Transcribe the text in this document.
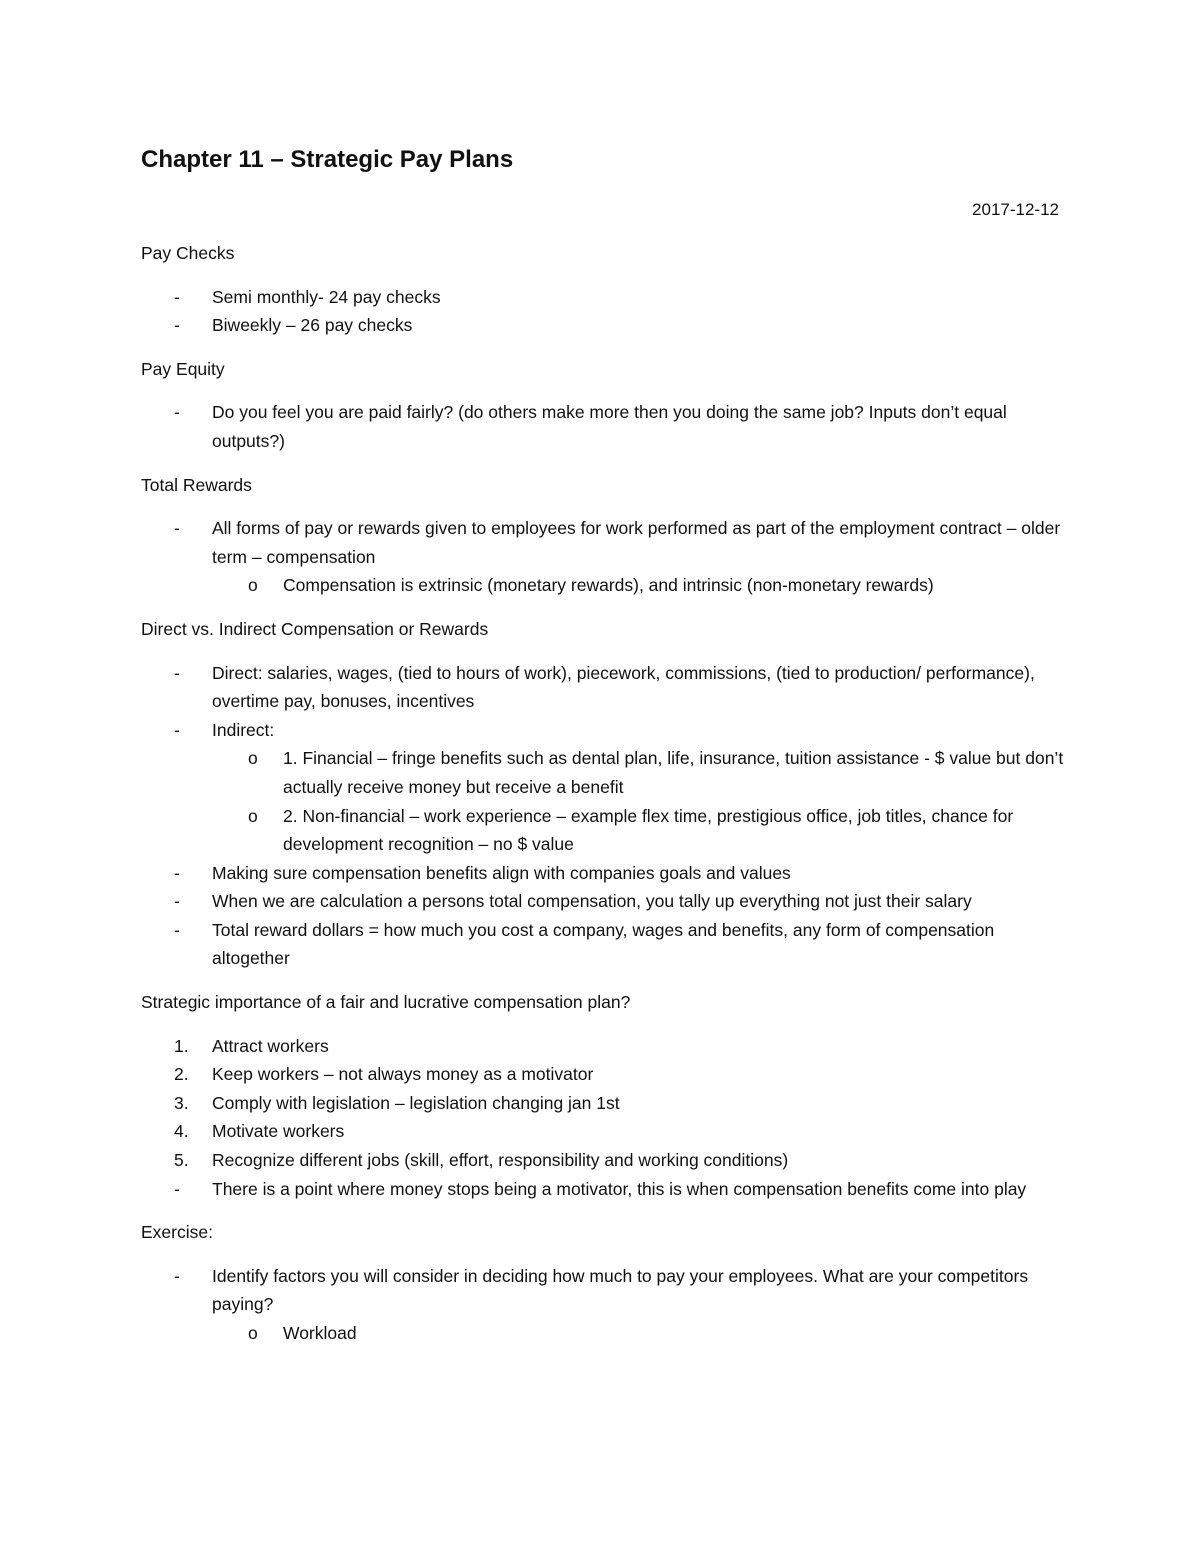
Chapter 11 – Strategic Pay Plans
2017-12-12

Pay Checks

-	Semi monthly- 24 pay checks
-	Biweekly – 26 pay checks

Pay Equity

-	Do you feel you are paid fairly? (do others make more then you doing the same job? Inputs don’t equal outputs?)

Total Rewards

-	All forms of pay or rewards given to employees for work performed as part of the employment contract – older term – compensation
o	Compensation is extrinsic (monetary rewards), and intrinsic (non-monetary rewards)

Direct vs. Indirect Compensation or Rewards

-	Direct: salaries, wages, (tied to hours of work), piecework, commissions, (tied to production/ performance), overtime pay, bonuses, incentives
-	Indirect:
o	1. Financial – fringe benefits such as dental plan, life, insurance, tuition assistance - $ value but don’t actually receive money but receive a benefit
o	2. Non-financial – work experience – example flex time, prestigious office, job titles, chance for development recognition – no $ value
-	Making sure compensation benefits align with companies goals and values
-	When we are calculation a persons total compensation, you tally up everything not just their salary
-	Total reward dollars = how much you cost a company, wages and benefits, any form of compensation altogether

Strategic importance of a fair and lucrative compensation plan?

1.	Attract workers
2.	Keep workers – not always money as a motivator
3.	Comply with legislation – legislation changing jan 1st
4.	Motivate workers
5.	Recognize different jobs (skill, effort, responsibility and working conditions)
-	There is a point where money stops being a motivator, this is when compensation benefits come into play

Exercise:

-	Identify factors you will consider in deciding how much to pay your employees. What are your competitors paying?
o	Workload
